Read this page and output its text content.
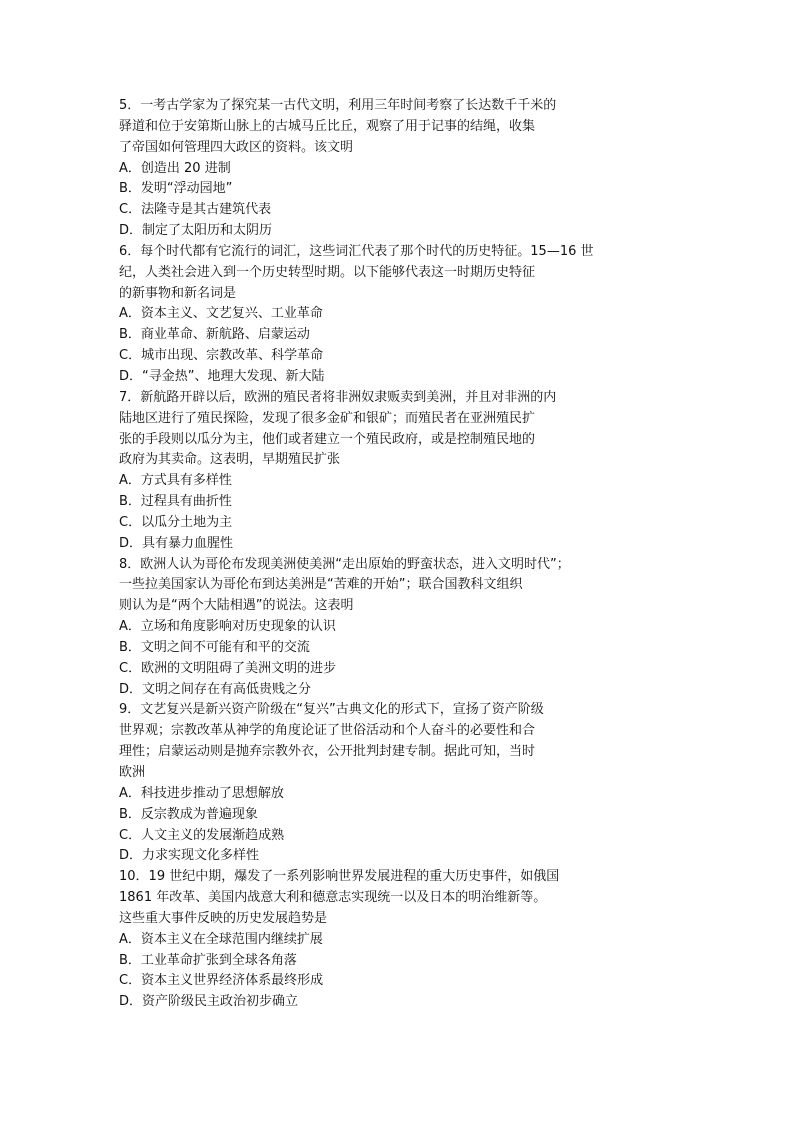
5．一考古学家为了探究某一古代文明，利用三年时间考察了长达数千千米的
驿道和位于安第斯山脉上的古城马丘比丘，观察了用于记事的结绳，收集
了帝国如何管理四大政区的资料。该文明
A．创造出 20 进制
B．发明“浮动园地”
C．法隆寺是其古建筑代表
D．制定了太阳历和太阴历
6．每个时代都有它流行的词汇，这些词汇代表了那个时代的历史特征。15—16 世
纪，人类社会进入到一个历史转型时期。以下能够代表这一时期历史特征
的新事物和新名词是
A．资本主义、文艺复兴、工业革命
B．商业革命、新航路、启蒙运动
C．城市出现、宗教改革、科学革命
D．“寻金热”、地理大发现、新大陆
7．新航路开辟以后，欧洲的殖民者将非洲奴隶贩卖到美洲，并且对非洲的内
陆地区进行了殖民探险，发现了很多金矿和银矿；而殖民者在亚洲殖民扩
张的手段则以瓜分为主，他们或者建立一个殖民政府，或是控制殖民地的
政府为其卖命。这表明，早期殖民扩张
A．方式具有多样性
B．过程具有曲折性
C．以瓜分土地为主
D．具有暴力血腥性
8．欧洲人认为哥伦布发现美洲使美洲“走出原始的野蛮状态，进入文明时代”；
一些拉美国家认为哥伦布到达美洲是“苦难的开始”；联合国教科文组织
则认为是“两个大陆相遇”的说法。这表明
A．立场和角度影响对历史现象的认识
B．文明之间不可能有和平的交流
C．欧洲的文明阻碍了美洲文明的进步
D．文明之间存在有高低贵贱之分
9．文艺复兴是新兴资产阶级在“复兴”古典文化的形式下，宣扬了资产阶级
世界观；宗教改革从神学的角度论证了世俗活动和个人奋斗的必要性和合
理性；启蒙运动则是抛弃宗教外衣，公开批判封建专制。据此可知，当时
欧洲
A．科技进步推动了思想解放
B．反宗教成为普遍现象
C．人文主义的发展渐趋成熟
D．力求实现文化多样性
10．19 世纪中期，爆发了一系列影响世界发展进程的重大历史事件，如俄国
1861 年改革、美国内战意大利和德意志实现统一以及日本的明治维新等。
这些重大事件反映的历史发展趋势是
A．资本主义在全球范围内继续扩展
B．工业革命扩张到全球各角落
C．资本主义世界经济体系最终形成
D．资产阶级民主政治初步确立
